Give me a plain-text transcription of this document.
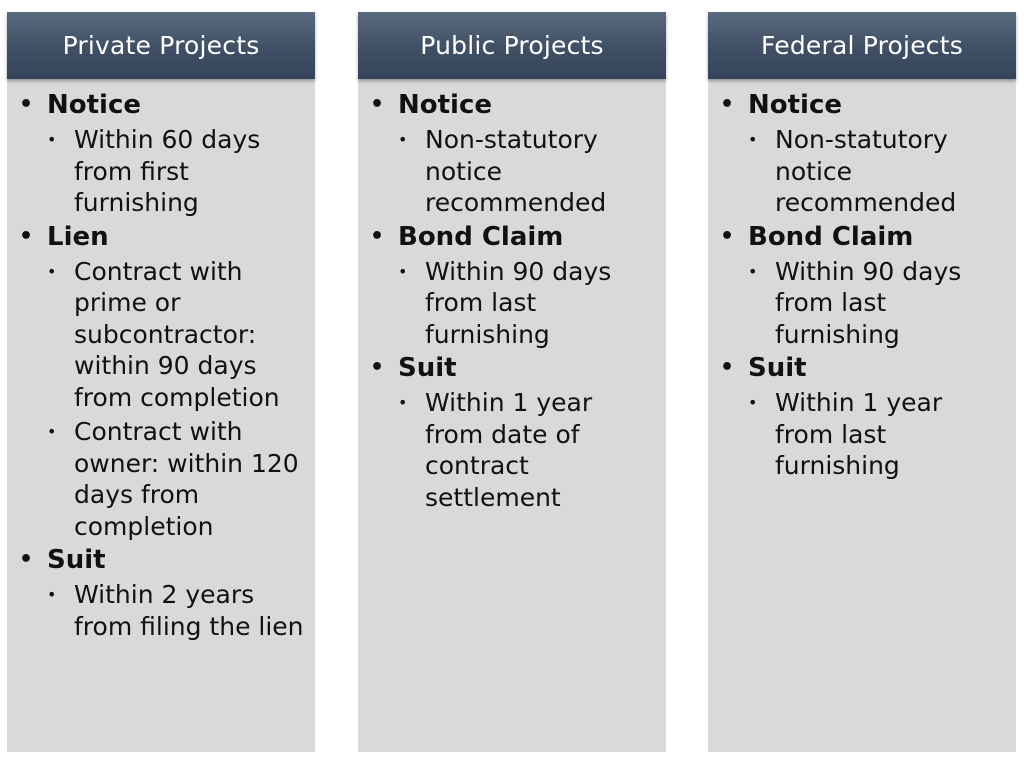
Private Projects
• Notice
• Within 60 days from first furnishing
• Lien
• Contract with prime or subcontractor: within 90 days from completion
• Contract with owner: within 120 days from completion
• Suit
• Within 2 years from filing the lien
Public Projects
• Notice
• Non-statutory notice recommended
• Bond Claim
• Within 90 days from last furnishing
• Suit
• Within 1 year from date of contract settlement
Federal Projects
• Notice
• Non-statutory notice recommended
• Bond Claim
• Within 90 days from last furnishing
• Suit
• Within 1 year from last furnishing
